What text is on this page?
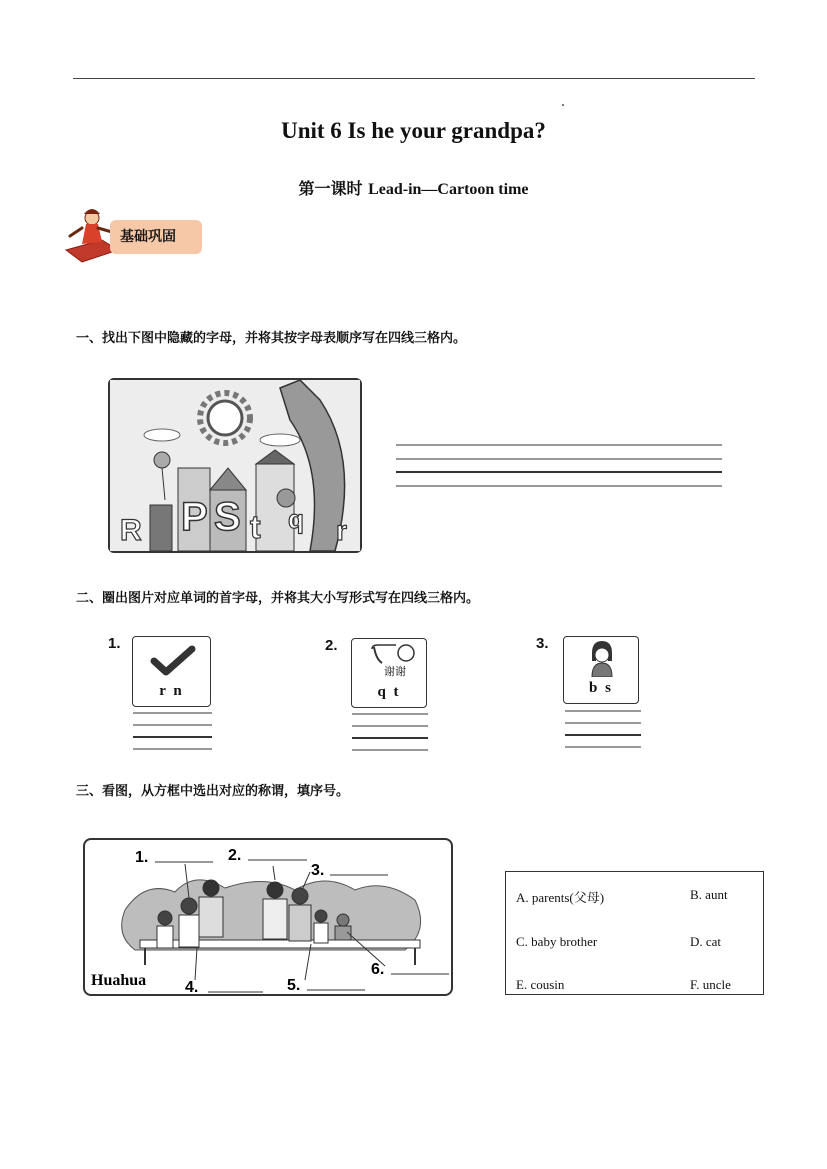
Unit 6 Is he your grandpa?
第一课时 Lead-in—Cartoon time
基础巩固
一、找出下图中隐藏的字母，并将其按字母表顺序写在四线三格内。
R P S t q r
二、圈出图片对应单词的首字母，并将其大小写形式写在四线三格内。
1.
r n
2.
谢谢
q t
3.
b s
三、看图，从方框中选出对应的称谓，填序号。
1.	2.
3.
4.	5.
6.
Huahua
A. parents(父母)	B. aunt
C. baby brother	D. cat
E. cousin	F. uncle
